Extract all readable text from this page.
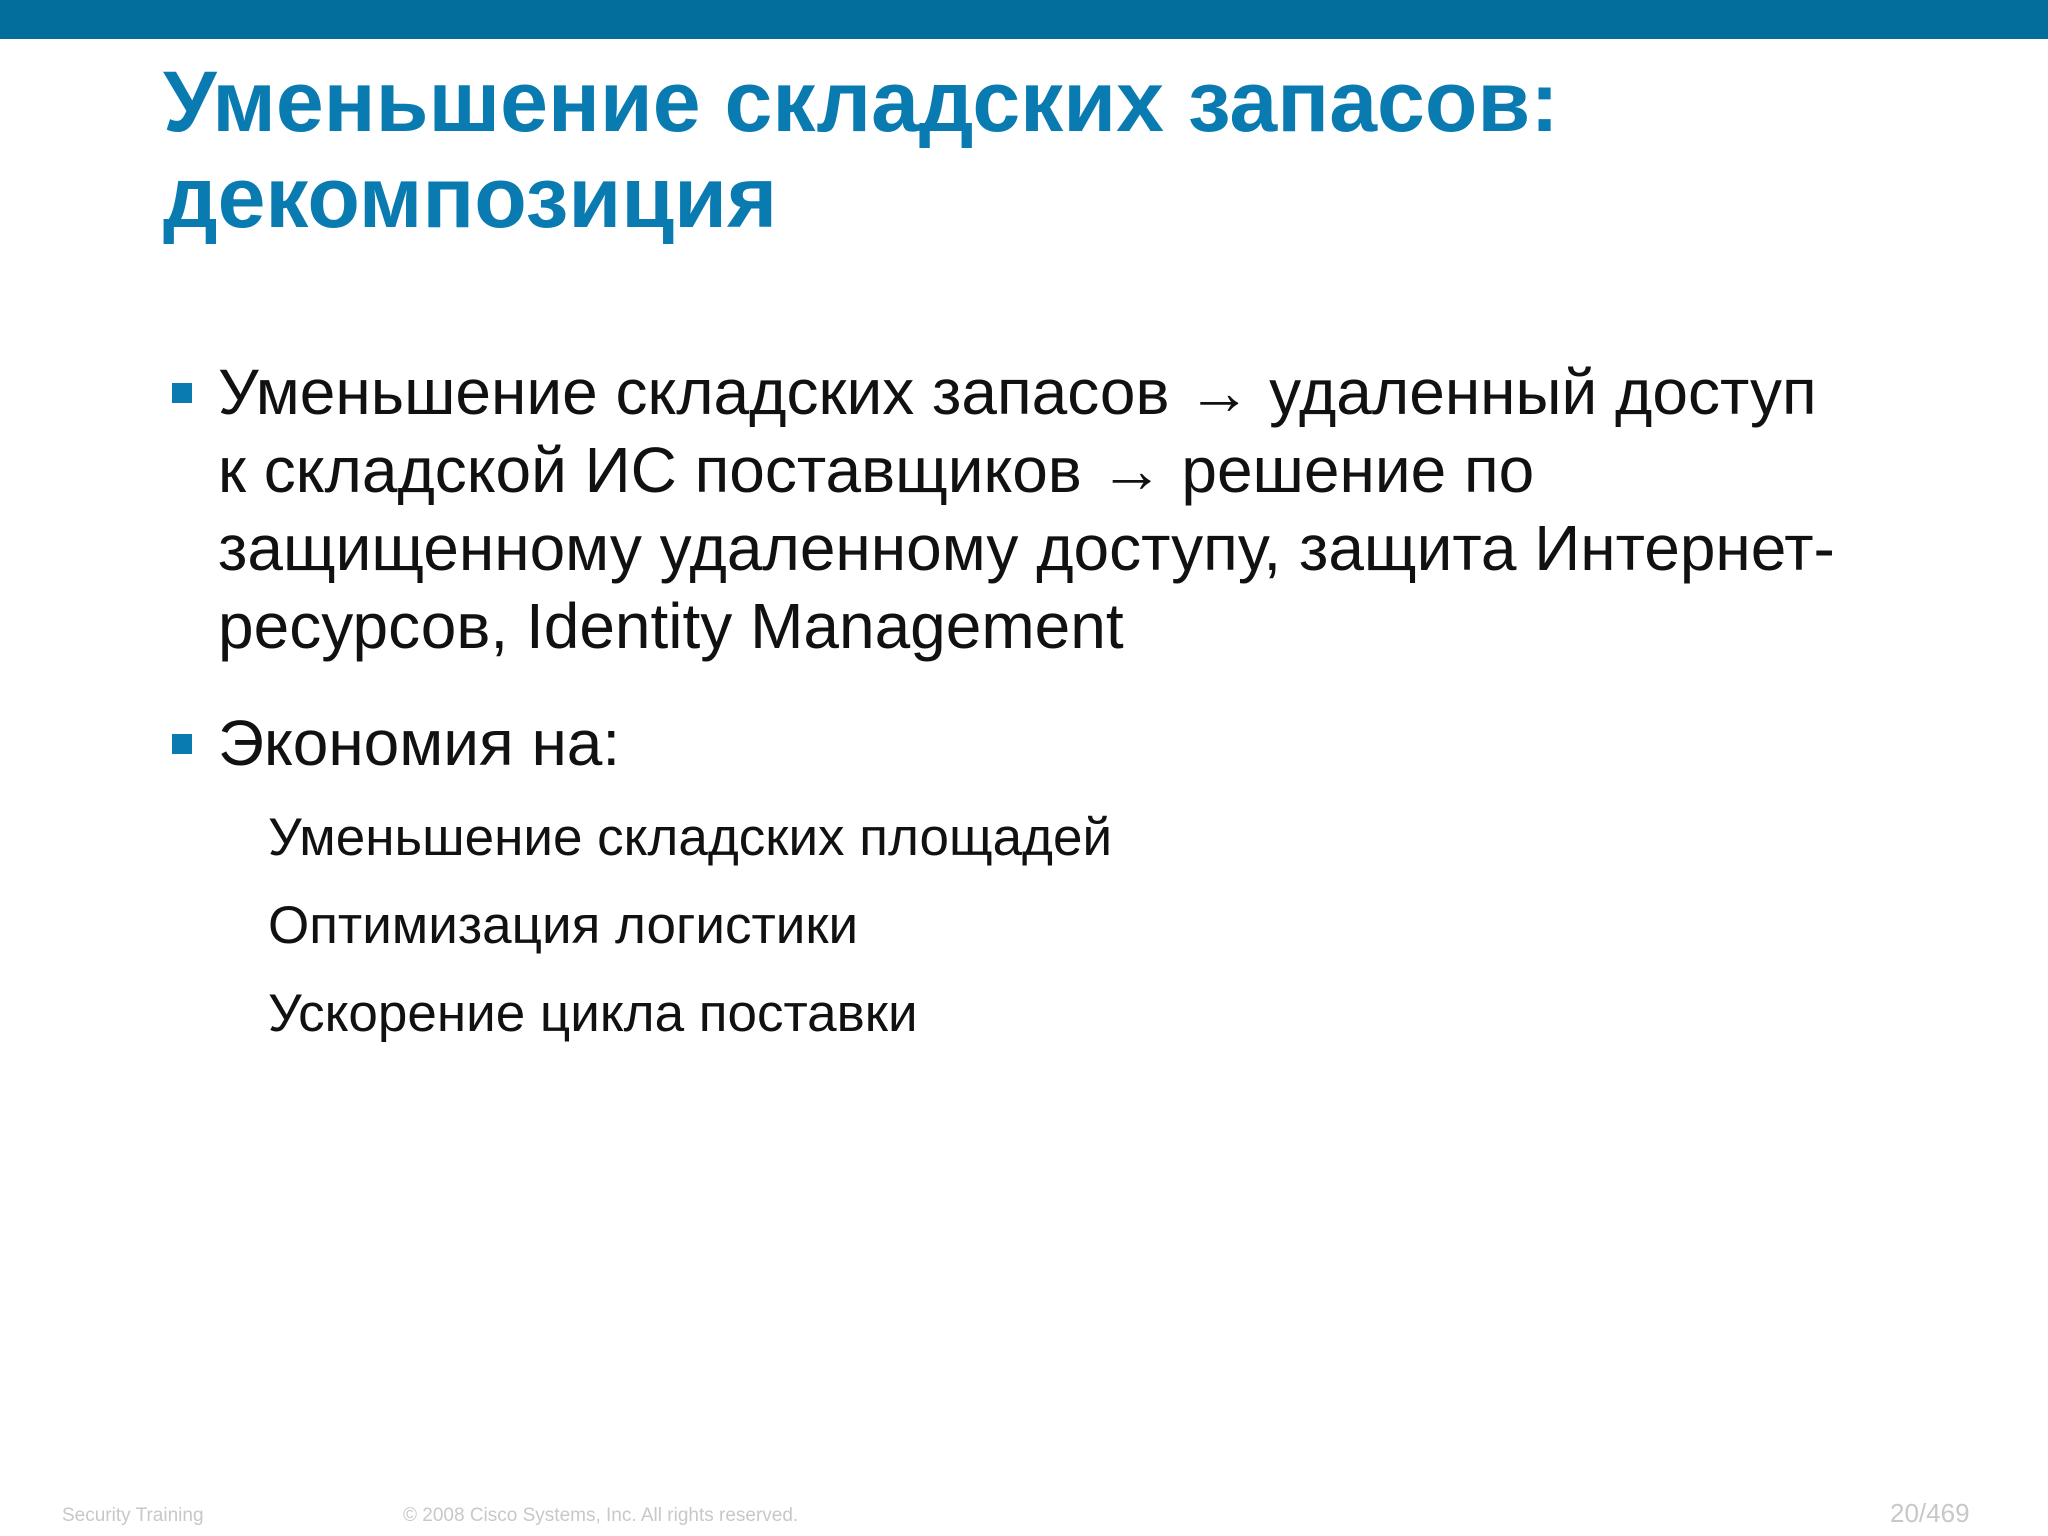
Уменьшение складских запасов:
декомпозиция
Уменьшение складских запасов → удаленный доступ
к складской ИС поставщиков → решение по
защищенному удаленному доступу, защита Интернет-
ресурсов, Identity Management
Экономия на:
Уменьшение складских площадей
Оптимизация логистики
Ускорение цикла поставки
Security Training	© 2008 Cisco Systems, Inc. All rights reserved.	20/469
